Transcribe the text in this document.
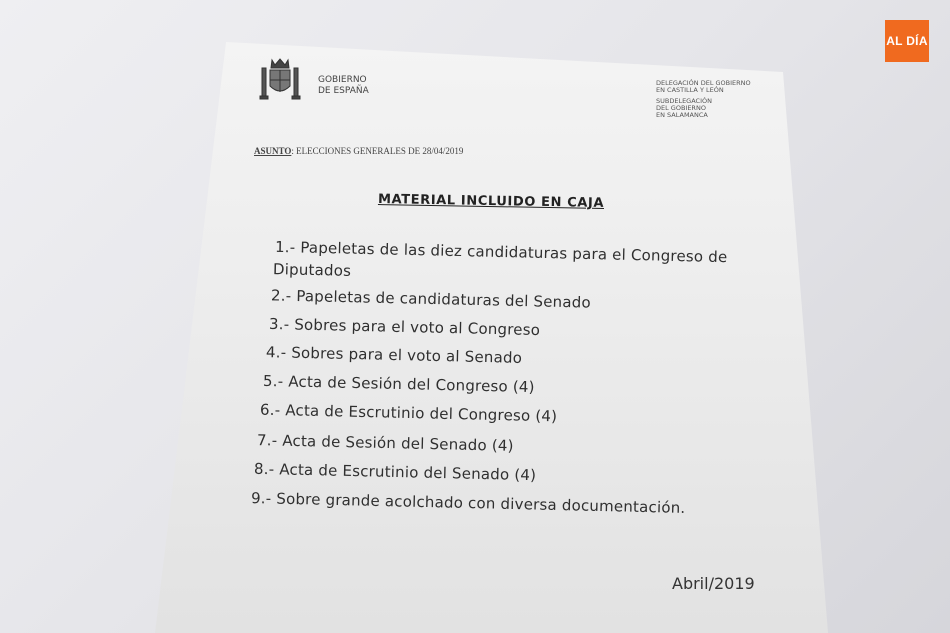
AL DÍA
GOBIERNO
DE ESPAÑA
DELEGACIÓN DEL GOBIERNO
EN CASTILLA Y LEÓN
SUBDELEGACIÓN
DEL GOBIERNO
EN SALAMANCA
ASUNTO: ELECCIONES GENERALES DE 28/04/2019
MATERIAL INCLUIDO EN CAJA
1.- Papeletas de las diez candidaturas para el Congreso de
Diputados
2.- Papeletas de candidaturas del Senado
3.- Sobres para el voto al Congreso
4.- Sobres para el voto al Senado
5.- Acta de Sesión del Congreso (4)
6.- Acta de Escrutinio del Congreso (4)
7.- Acta de Sesión del Senado (4)
8.- Acta de Escrutinio del Senado (4)
9.- Sobre grande acolchado con diversa documentación.
Abril/2019
